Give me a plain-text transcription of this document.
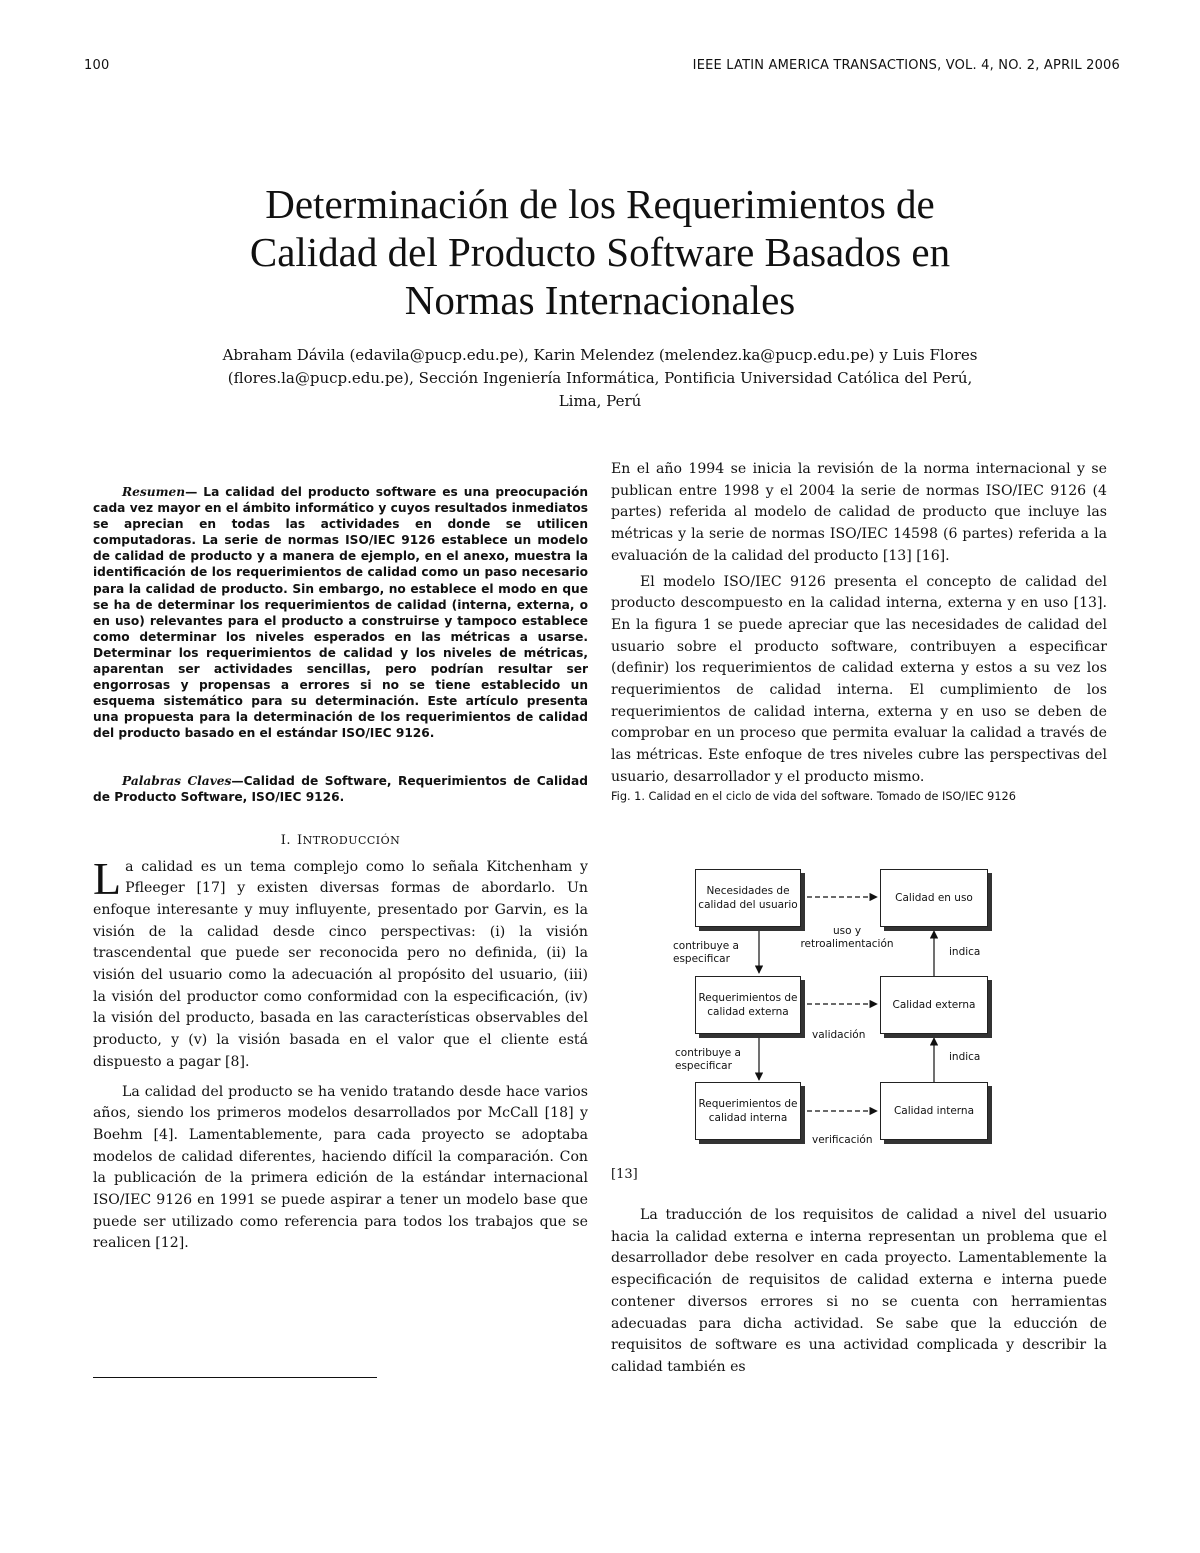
100	IEEE LATIN AMERICA TRANSACTIONS, VOL. 4, NO. 2, APRIL 2006
Determinación de los Requerimientos de
Calidad del Producto Software Basados en
Normas Internacionales
Abraham Dávila (edavila@pucp.edu.pe), Karin Melendez (melendez.ka@pucp.edu.pe) y Luis Flores
(flores.la@pucp.edu.pe), Sección Ingeniería Informática, Pontificia Universidad Católica del Perú,
Lima, Perú

Resumen— La calidad del producto software es una preocupación cada vez mayor en el ámbito informático y cuyos resultados inmediatos se aprecian en todas las actividades en donde se utilicen computadoras. La serie de normas ISO/IEC 9126 establece un modelo de calidad de producto y a manera de ejemplo, en el anexo, muestra la identificación de los requerimientos de calidad como un paso necesario para la calidad de producto. Sin embargo, no establece el modo en que se ha de determinar los requerimientos de calidad (interna, externa, o en uso) relevantes para el producto a construirse y tampoco establece como determinar los niveles esperados en las métricas a usarse. Determinar los requerimientos de calidad y los niveles de métricas, aparentan ser actividades sencillas, pero podrían resultar ser engorrosas y propensas a errores si no se tiene establecido un esquema sistemático para su determinación. Este artículo presenta una propuesta para la determinación de los requerimientos de calidad del producto basado en el estándar ISO/IEC 9126.

Palabras Claves—Calidad de Software, Requerimientos de Calidad de Producto Software, ISO/IEC 9126.

I. INTRODUCCIÓN

La calidad es un tema complejo como lo señala Kitchenham y Pfleeger [17] y existen diversas formas de abordarlo. Un enfoque interesante y muy influyente, presentado por Garvin, es la visión de la calidad desde cinco perspectivas: (i) la visión trascendental que puede ser reconocida pero no definida, (ii) la visión del usuario como la adecuación al propósito del usuario, (iii) la visión del productor como conformidad con la especificación, (iv) la visión del producto, basada en las características observables del producto, y (v) la visión basada en el valor que el cliente está dispuesto a pagar [8].

La calidad del producto se ha venido tratando desde hace varios años, siendo los primeros modelos desarrollados por McCall [18] y Boehm [4]. Lamentablemente, para cada proyecto se adoptaba modelos de calidad diferentes, haciendo difícil la comparación. Con la publicación de la primera edición de la estándar internacional ISO/IEC 9126 en 1991 se puede aspirar a tener un modelo base que puede ser utilizado como referencia para todos los trabajos que se realicen [12].

En el año 1994 se inicia la revisión de la norma internacional y se publican entre 1998 y el 2004 la serie de normas ISO/IEC 9126 (4 partes) referida al modelo de calidad de producto que incluye las métricas y la serie de normas ISO/IEC 14598 (6 partes) referida a la evaluación de la calidad del producto [13] [16].

El modelo ISO/IEC 9126 presenta el concepto de calidad del producto descompuesto en la calidad interna, externa y en uso [13]. En la figura 1 se puede apreciar que las necesidades de calidad del usuario sobre el producto software, contribuyen a especificar (definir) los requerimientos de calidad externa y estos a su vez los requerimientos de calidad interna. El cumplimiento de los requerimientos de calidad interna, externa y en uso se deben de comprobar en un proceso que permita evaluar la calidad a través de las métricas. Este enfoque de tres niveles cubre las perspectivas del usuario, desarrollador y el producto mismo.

Fig. 1. Calidad en el ciclo de vida del software. Tomado de ISO/IEC 9126
Necesidades de calidad del usuario
Calidad en uso
Requerimientos de calidad externa
Calidad externa
Requerimientos de calidad interna
Calidad interna
uso y retroalimentación
contribuye a especificar
indica
validación
contribuye a especificar
indica
verificación
[13]

La traducción de los requisitos de calidad a nivel del usuario hacia la calidad externa e interna representan un problema que el desarrollador debe resolver en cada proyecto. Lamentablemente la especificación de requisitos de calidad externa e interna puede contener diversos errores si no se cuenta con herramientas adecuadas para dicha actividad. Se sabe que la educción de requisitos de software es una actividad complicada y describir la calidad también es
